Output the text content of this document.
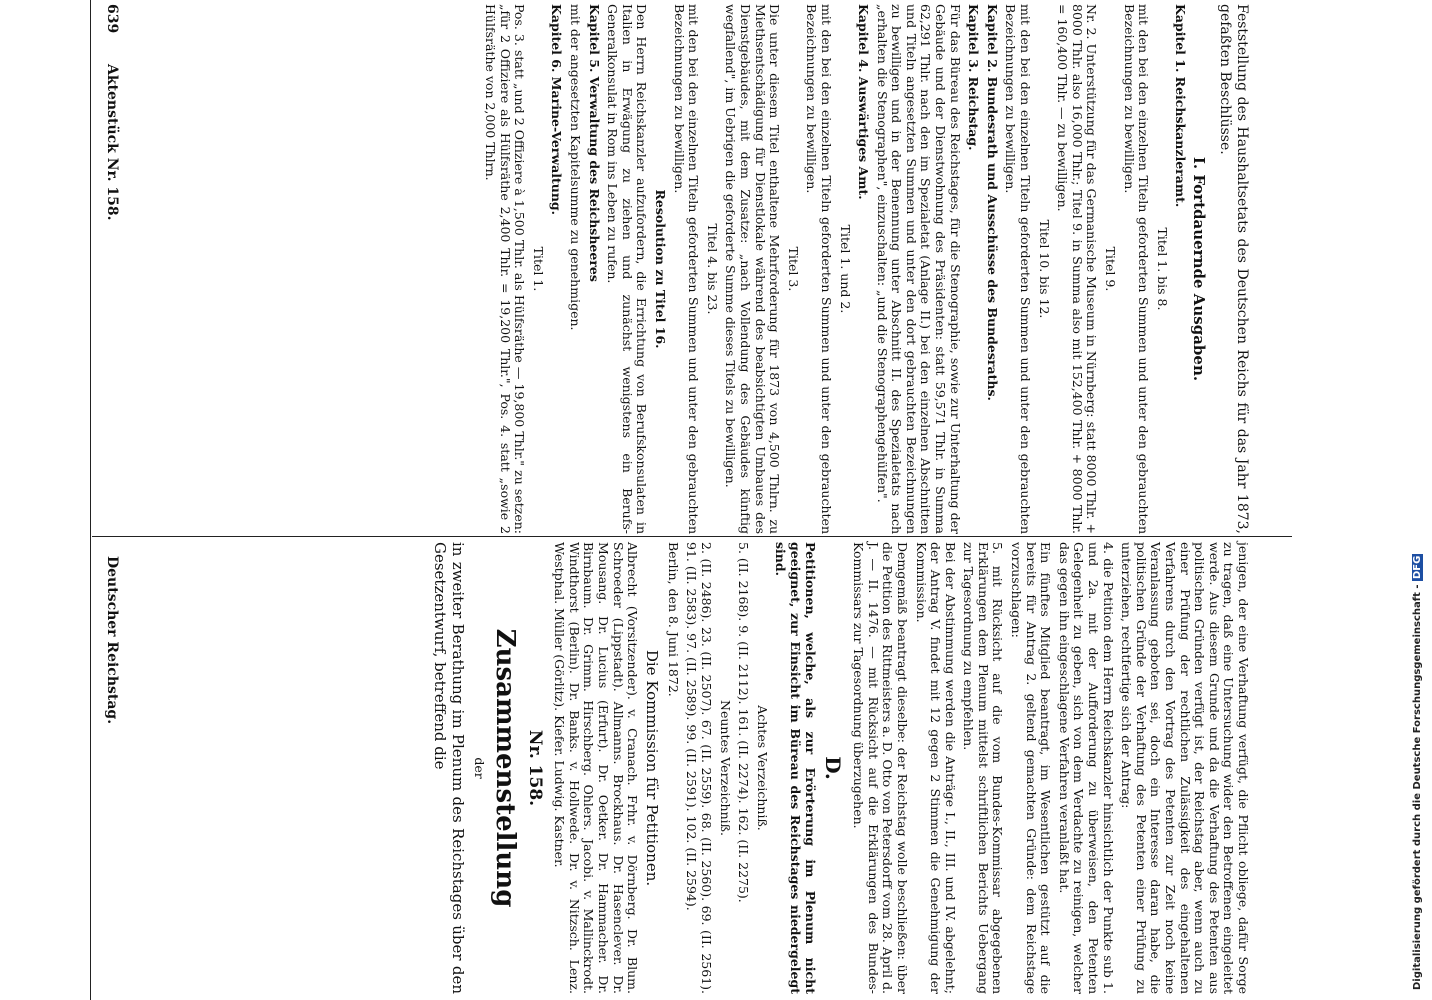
Deutscher Reichstag.
Aktenstück Nr. 158.
639	Feststellung des Haushaltsetats des Deutschen Reichs für das Jahr 1873, gefaßten Beschlüsse.

I. Fortdauernde Ausgaben.

Kapitel 1. Reichskanzleramt.

Titel 1. bis 8.

mit den bei den einzelnen Titeln geforderten Summen und unter den gebrauchten Bezeichnungen zu bewilligen.

Titel 9.

Nr. 2. Unterstützung für das Germanische Museum in Nürnberg: statt 8000 Thlr. + 8000 Thlr. also 16,000 Thlr.; Titel 9. in Summa also mit 152,400 Thlr. + 8000 Thlr. = 160,400 Thlr. — zu bewilligen.

Titel 10. bis 12.

mit den bei den einzelnen Titeln geforderten Summen und unter den gebrauchten Bezeichnungen zu bewilligen.

Kapitel 2. Bundesrath und Ausschüsse des Bundesraths.

Kapitel 3. Reichstag.

Für das Büreau des Reichstages, für die Stenographie, sowie zur Unterhaltung der Gebäude und der Dienstwohnung des Präsidenten: statt 59,571 Thlr. in Summa 62,291 Thlr. nach den im Spezialetat (Anlage II.) bei den einzelnen Abschnitten und Titeln angesetzten Summen und unter den dort gebrauchten Bezeichnungen zu bewilligen und in der Benennung unter Abschnitt II. des Spezialetats nach „erhalten die Stenographen", einzuschalten: „und die Stenographengehülfen".

Kapitel 4. Auswärtiges Amt.

Titel 1. und 2.

mit den bei den einzelnen Titeln geforderten Summen und unter den gebrauchten Bezeichnungen zu bewilligen.

Titel 3.

Die unter diesem Titel enthaltene Mehrforderung für 1873 von 4,500 Thlrn. zu Miethsentschädigung für Dienstlokale während des beabsichtigten Umbaues des Dienstgebäudes, mit dem Zusatze: „nach Vollendung des Gebäudes künftig wegfallend", im Uebrigen die geforderte Summe dieses Titels zu bewilligen.

Titel 4. bis 23.

mit den bei den einzelnen Titeln geforderten Summen und unter den gebrauchten Bezeichnungen zu bewilligen.

Resolution zu Titel 16.

Den Herrn Reichskanzler aufzufordern, die Errichtung von Berufskonsulaten in Italien in Erwägung zu ziehen und zunächst wenigstens ein Berufs-Generalkonsulat in Rom ins Leben zu rufen.

Kapitel 5. Verwaltung des Reichsheeres

mit der angesetzten Kapitelsumme zu genehmigen.

Kapitel 6. Marine-Verwaltung.

Titel 1.

Pos. 3. statt „und 2 Offiziere à 1,500 Thlr. als Hülfsräthe — 19,800 Thlr." zu setzen: „für 2 Offiziere als Hülfsräthe 2,400 Thlr. = 19,200 Thlr.", Pos. 4. statt „sowie 2 Hülfsräthe von 2,000 Thlrn.

jenigen, der eine Verhaftung verfügt, die Pflicht obliege, dafür Sorge zu tragen, daß eine Untersuchung wider den Betroffenen eingeleitet werde. Aus diesem Grunde und da die Verhaftung des Petenten aus politischen Gründen verfügt ist, der Reichstag aber, wenn auch zu einer Prüfung der rechtlichen Zulässigkeit des eingehaltenen Verfahrens durch den Vortrag des Petenten zur Zeit noch keine Veranlassung geboten sei, doch ein Interesse daran habe, die politischen Gründe der Verhaftung des Petenten einer Prüfung zu unterziehen, rechtfertige sich der Antrag:

4. die Petition dem Herrn Reichskanzler hinsichtlich der Punkte sub 1. und 2a. mit der Aufforderung zu überweisen, den Petenten Gelegenheit zu geben, sich von dem Verdachte zu reinigen, welcher das gegen ihn eingeschlagene Verfahren veranlaßt hat.

Ein fünftes Mitglied beantragt, im Wesentlichen gestützt auf die bereits für Antrag 2. geltend gemachten Gründe: dem Reichstage vorzuschlagen:

5. mit Rücksicht auf die vom Bundes-Kommissar abgegebenen Erklärungen dem Plenum mittelst schriftlichen Berichts Uebergang zur Tagesordnung zu empfehlen.

Bei der Abstimmung werden die Anträge I., II., III. und IV. abgelehnt; der Antrag V. findet mit 12 gegen 2 Stimmen die Genehmigung der Kommission.

Demgemäß beantragt dieselbe: der Reichstag wolle beschließen: über die Petition des Rittmeisters a. D. Otto von Petersdorff vom 28. April d. J. — II. 1476. — mit Rücksicht auf die Erklärungen des Bundes-Kommissars zur Tagesordnung überzugehen.

D.

Petitionen, welche, als zur Erörterung im Plenum nicht geeignet, zur Einsicht im Büreau des Reichstages niedergelegt sind.

Achtes Verzeichniß.

5. (II. 2168). 9. (II. 2112). 161. (II. 2274). 162. (II. 2275).

Neuntes Verzeichniß.

2. (II. 2486). 23. (II. 2507). 67. (II. 2559). 68. (II. 2560). 69. (II. 2561). 91. (II. 2583). 97. (II. 2589). 99. (II. 2591). 102. (II. 2594).

Berlin, den 8. Juni 1872.

Die Kommission für Petitionen.

Albrecht (Vorsitzender). v. Cranach. Frhr. v. Dörnberg. Dr. Blum. Schroeder (Lippstadt). Allmanns. Brockhaus. Dr. Hasenclever. Dr. Mousang. Dr. Lucius (Erfurt). Dr. Oetker. Dr. Hammacher. Dr. Birnbaum. Dr. Grimm. Hirschberg. Ohlers. Jacobi. v. Mallinckrodt. Windthorst (Berlin). Dr. Banks. v. Hollwede. Dr. v. Nitzsch. Lenz. Westphal. Müller (Görlitz). Kiefer. Ludwig. Kastner.

Nr. 158.

Zusammenstellung

der

in zweiter Berathung im Plenum des Reichstages über den Gesetzentwurf, betreffend die	Digitalisierung gefördert durch die Deutsche Forschungsgemeinschaft - DFG
